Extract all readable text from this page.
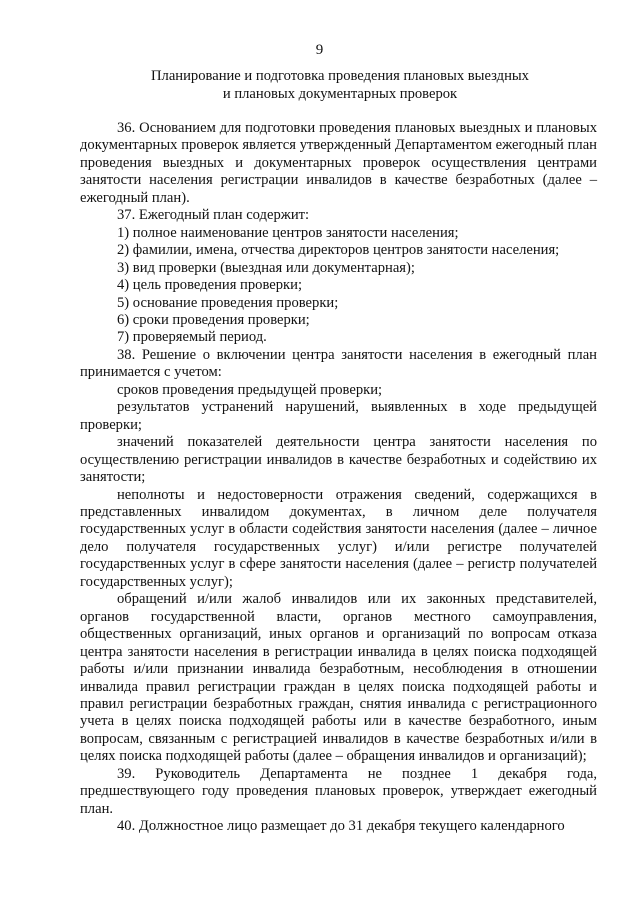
9
Планирование и подготовка проведения плановых выездных
и плановых документарных проверок

36. Основанием для подготовки проведения плановых выездных и плановых документарных проверок является утвержденный Департаментом ежегодный план проведения выездных и документарных проверок осуществления центрами занятости населения регистрации инвалидов в качестве безработных (далее – ежегодный план).

37. Ежегодный план содержит:

1) полное наименование центров занятости населения;

2) фамилии, имена, отчества директоров центров занятости населения;

3) вид проверки (выездная или документарная);

4) цель проведения проверки;

5) основание проведения проверки;

6) сроки проведения проверки;

7) проверяемый период.

38. Решение о включении центра занятости населения в ежегодный план принимается с учетом:

сроков проведения предыдущей проверки;

результатов устранений нарушений, выявленных в ходе предыдущей проверки;

значений показателей деятельности центра занятости населения по осуществлению регистрации инвалидов в качестве безработных и содействию их занятости;

неполноты и недостоверности отражения сведений, содержащихся в представленных инвалидом документах, в личном деле получателя государственных услуг в области содействия занятости населения (далее – личное дело получателя государственных услуг) и/или регистре получателей государственных услуг в сфере занятости населения (далее – регистр получателей государственных услуг);

обращений и/или жалоб инвалидов или их законных представителей, органов государственной власти, органов местного самоуправления, общественных организаций, иных органов и организаций по вопросам отказа центра занятости населения в регистрации инвалида в целях поиска подходящей работы и/или признании инвалида безработным, несоблюдения в отношении инвалида правил регистрации граждан в целях поиска подходящей работы и правил регистрации безработных граждан, снятия инвалида с регистрационного учета в целях поиска подходящей работы или в качестве безработного, иным вопросам, связанным с регистрацией инвалидов в качестве безработных и/или в целях поиска подходящей работы (далее – обращения инвалидов и организаций);

39. Руководитель Департамента не позднее 1 декабря года, предшествующего году проведения плановых проверок, утверждает ежегодный план.

40. Должностное лицо размещает до 31 декабря текущего календарного
